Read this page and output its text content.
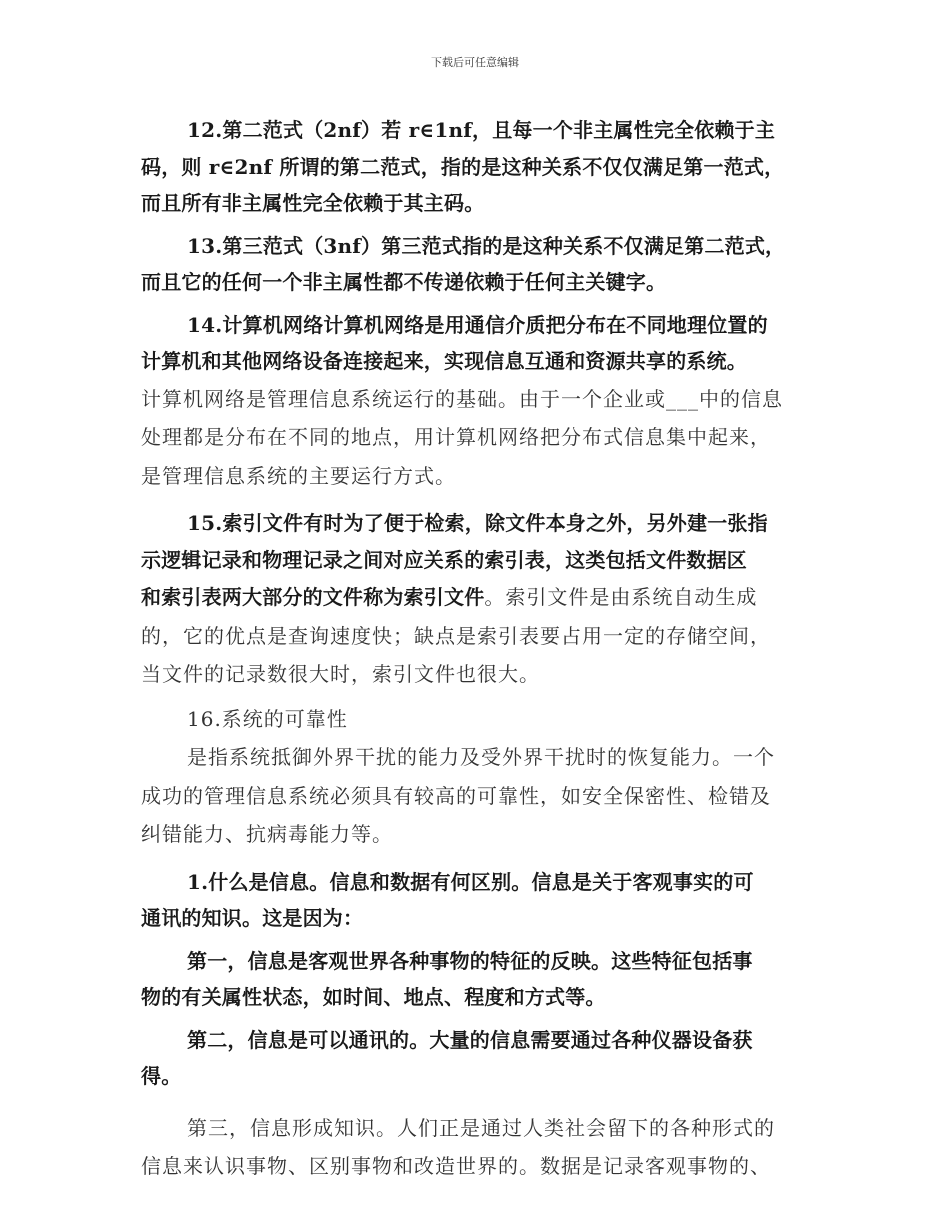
下载后可任意编辑

12.第二范式（2nf）若 r∈1nf，且每一个非主属性完全依赖于主
码，则 r∈2nf 所谓的第二范式，指的是这种关系不仅仅满足第一范式，
而且所有非主属性完全依赖于其主码。

13.第三范式（3nf）第三范式指的是这种关系不仅满足第二范式，
而且它的任何一个非主属性都不传递依赖于任何主关键字。

14.计算机网络计算机网络是用通信介质把分布在不同地理位置的
计算机和其他网络设备连接起来，实现信息互通和资源共享的系统。

计算机网络是管理信息系统运行的基础。由于一个企业或___中的信息
处理都是分布在不同的地点，用计算机网络把分布式信息集中起来，
是管理信息系统的主要运行方式。

15.索引文件有时为了便于检索，除文件本身之外，另外建一张指
示逻辑记录和物理记录之间对应关系的索引表，这类包括文件数据区
和索引表两大部分的文件称为索引文件。索引文件是由系统自动生成

的，它的优点是查询速度快；缺点是索引表要占用一定的存储空间，
当文件的记录数很大时，索引文件也很大。

16.系统的可靠性

是指系统抵御外界干扰的能力及受外界干扰时的恢复能力。一个
成功的管理信息系统必须具有较高的可靠性，如安全保密性、检错及
纠错能力、抗病毒能力等。

1.什么是信息。信息和数据有何区别。信息是关于客观事实的可
通讯的知识。这是因为：

第一，信息是客观世界各种事物的特征的反映。这些特征包括事
物的有关属性状态，如时间、地点、程度和方式等。

第二，信息是可以通讯的。大量的信息需要通过各种仪器设备获
得。

第三，信息形成知识。人们正是通过人类社会留下的各种形式的
信息来认识事物、区别事物和改造世界的。数据是记录客观事物的、
